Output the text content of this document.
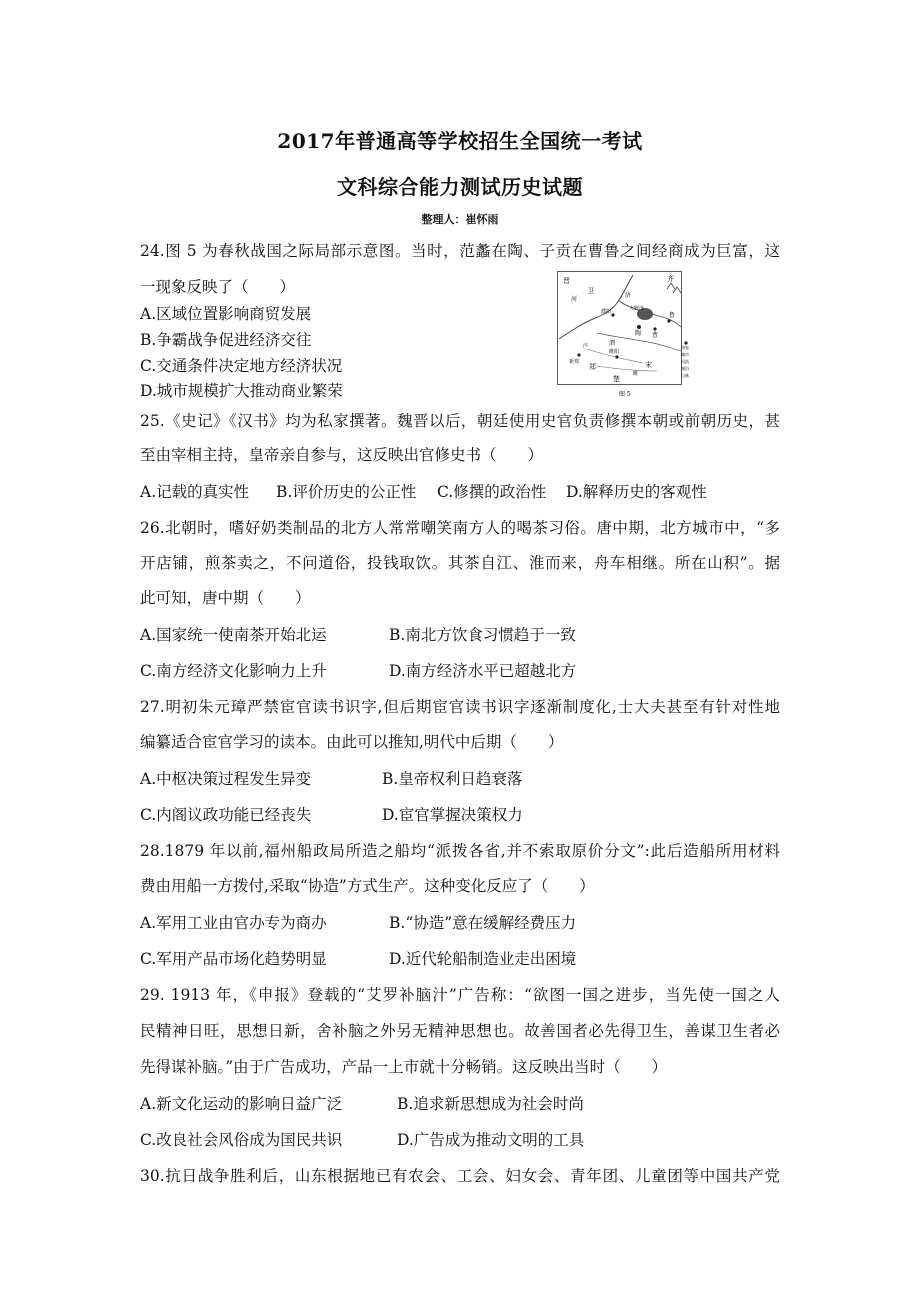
2017年普通高等学校招生全国统一考试
文科综合能力测试历史试题
整理人：崔怀雨
24.图 5 为春秋战国之际局部示意图。当时，范蠡在陶、子贡在曹鲁之间经商成为巨富，这
一现象反映了（　　）
A.区域位置影响商贸发展
B.争霸战争促进经济交往
C.交通条件决定地方经济状况
D.城市规模扩大推动商业繁荣
晋
卫
齐
河
济
濮阳	大野泽
陶 曹
鲁
泗
睢阳
新郑
郑	宋
楚
汴
睢
国家
城市
河流
湖泊
山脉
图 5
25.《史记》《汉书》均为私家撰著。魏晋以后，朝廷使用史官负责修撰本朝或前朝历史，甚
至由宰相主持，皇帝亲自参与，这反映出官修史书（　　）
A.记载的真实性 B.评价历史的公正性 C.修撰的政治性 D.解释历史的客观性
26.北朝时，嗜好奶类制品的北方人常常嘲笑南方人的喝茶习俗。唐中期，北方城市中，“多
开店铺，煎茶卖之，不问道俗，投钱取饮。其茶自江、淮而来，舟车相继。所在山积”。据
此可知，唐中期（　　）
A.国家统一使南茶开始北运	B.南北方饮食习惯趋于一致
C.南方经济文化影响力上升	D.南方经济水平已超越北方
27.明初朱元璋严禁宦官读书识字,但后期宦官读书识字逐渐制度化,士大夫甚至有针对性地
编纂适合宦官学习的读本。由此可以推知,明代中后期（　　）
A.中枢决策过程发生异变	B.皇帝权利日趋衰落
C.内阁议政功能已经丧失	D.宦官掌握决策权力
28.1879 年以前,福州船政局所造之船均“派拨各省,并不索取原价分文”:此后造船所用材料
费由用船一方拨付,采取“协造”方式生产。这种变化反应了（　　）
A.军用工业由官办专为商办	B.“协造”意在缓解经费压力
C.军用产品市场化趋势明显	D.近代轮船制造业走出困境
29. 1913 年，《申报》登载的“艾罗补脑汁”广告称：“欲图一国之进步，当先使一国之人
民精神日旺，思想日新，舍补脑之外另无精神思想也。故善国者必先得卫生，善谋卫生者必
先得谋补脑。”由于广告成功，产品一上市就十分畅销。这反映出当时（　　）
A.新文化运动的影响日益广泛	B.追求新思想成为社会时尚
C.改良社会风俗成为国民共识	D.广告成为推动文明的工具
30.抗日战争胜利后，山东根据地已有农会、工会、妇女会、青年团、儿童团等中国共产党
